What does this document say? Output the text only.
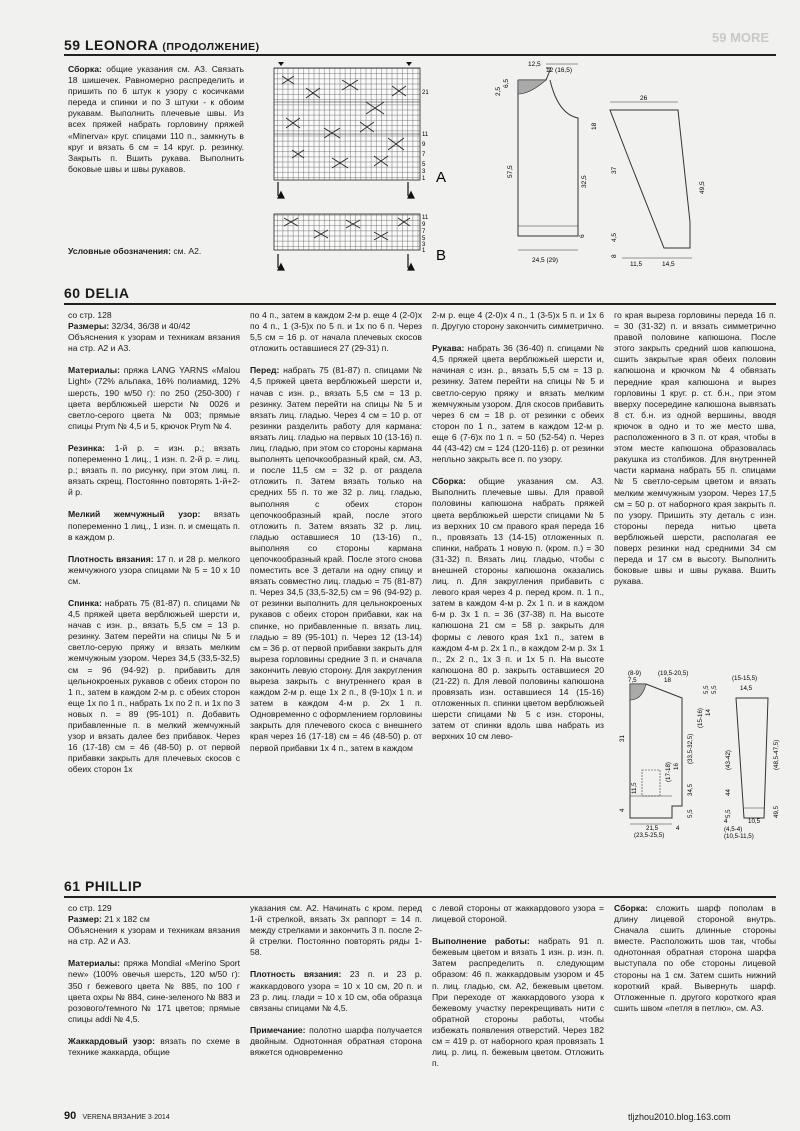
59 MORE
59 LEONORA (ПРОДОЛЖЕНИЕ)

Сборка: общие указания см. А3. Связать 18 шишечек. Равномерно распределить и пришить по 6 штук к узору с косичками переда и спинки и по 3 штуки - к обоим рукавам. Выполнить плечевые швы. Из всех пряжей набрать горловину пряжей «Minerva» круг. спицами 110 п., замкнуть в круг и вязать 6 см = 14 круг. р. резинку. Закрыть п. Вшить рукава. Выполнить боковые швы и швы рукавов.

Условные обозначения: см. А2.
21
11
9
7
5
3
1 A
11
9
7
5
3
1 B
12,5
12 (16,5)
2,5
6,5
57,5
32,5
6
18
24,5 (29)
26
37
49,5
8
4,5
11,5	14,5
60 DELIA

со стр. 128

Размеры: 32/34, 36/38 и 40/42

Объяснения к узорам и техникам вязания на стр. А2 и А3.

Материалы: пряжа LANG YARNS «Malou Light» (72% альпака, 16% полиамид, 12% шерсть, 190 м/50 г): по 250 (250-300) г цвета верблюжьей шерсти № 0026 и светло-серого цвета № 003; прямые спицы Prym № 4,5 и 5, крючок Prym № 4.

Резинка: 1-й р. = изн. р.; вязать попеременно 1 лиц., 1 изн. п. 2-й р. = лиц. р.; вязать п. по рисунку, при этом лиц. п. вязать скрещ. Постоянно повторять 1-й+2-й р.

Мелкий жемчужный узор: вязать попеременно 1 лиц., 1 изн. п. и смещать п. в каждом р.

Плотность вязания: 17 п. и 28 р. мелкого жемчужного узора спицами № 5 = 10 x 10 см.

Спинка: набрать 75 (81-87) п. спицами № 4,5 пряжей цвета верблюжьей шерсти и, начав с изн. р., вязать 5,5 см = 13 р. резинку. Затем перейти на спицы № 5 и светло-серую пряжу и вязать мелким жемчужным узором. Через 34,5 (33,5-32,5) см = 96 (94-92) р. прибавить для цельнокроеных рукавов с обеих сторон по 1 п., затем в каждом 2-м р. с обеих сторон еще 1х по 1 п., набрать 1х по 2 п. и 1х по 3 новых п. = 89 (95-101) п. Добавить прибавленные п. в мелкий жемчужный узор и вязать далее без прибавок. Через 16 (17-18) см = 46 (48-50) р. от первой прибавки закрыть для плечевых скосов с обеих сторон 1х

по 4 п., затем в каждом 2-м р. еще 4 (2-0)х по 4 п., 1 (3-5)х по 5 п. и 1х по 6 п. Через 5,5 см = 16 р. от начала плечевых скосов отложить оставшиеся 27 (29-31) п.

Перед: набрать 75 (81-87) п. спицами № 4,5 пряжей цвета верблюжьей шерсти и, начав с изн. р., вязать 5,5 см = 13 р. резинку. Затем перейти на спицы № 5 и вязать лиц. гладью. Через 4 см = 10 р. от резинки разделить работу для кармана: вязать лиц. гладью на первых 10 (13-16) п. лиц. гладью, при этом со стороны кармана выполнять цепочкообразный край, см. А3, и после 11,5 см = 32 р. от раздела отложить п. Затем вязать только на средних 55 п. то же 32 р. лиц. гладью, выполняя с обеих сторон цепочкообразный край, после этого отложить п. Затем вязать 32 р. лиц. гладью оставшиеся 10 (13-16) п., выполняя со стороны кармана цепочкообразный край. После этого снова поместить все 3 детали на одну спицу и вязать совместно лиц. гладью = 75 (81-87) п. Через 34,5 (33,5-32,5) см = 96 (94-92) р. от резинки выполнить для цельнокроеных рукавов с обеих сторон прибавки, как на спинке, но прибавленные п. вязать лиц. гладью = 89 (95-101) п. Через 12 (13-14) см = 36 р. от первой прибавки закрыть для выреза горловины средние 3 п. и сначала закончить левую сторону. Для закругления выреза закрыть с внутреннего края в каждом 2-м р. еще 1х 2 п., 8 (9-10)х 1 п. и затем в каждом 4-м р. 2х 1 п. Одновременно с оформлением горловины закрыть для плечевого скоса с внешнего края через 16 (17-18) см = 46 (48-50) р. от первой прибавки 1х 4 п., затем в каждом

2-м р. еще 4 (2-0)х 4 п., 1 (3-5)х 5 п. и 1х 6 п. Другую сторону закончить симметрично.

Рукава: набрать 36 (36-40) п. спицами № 4,5 пряжей цвета верблюжьей шерсти и, начиная с изн. р., вязать 5,5 см = 13 р. резинку. Затем перейти на спицы № 5 и светло-серую пряжу и вязать мелким жемчужным узором. Для скосов прибавить через 6 см = 18 р. от резинки с обеих сторон по 1 п., затем в каждом 12-м р. еще 6 (7-6)х по 1 п. = 50 (52-54) п. Через 44 (43-42) см = 124 (120-116) р. от резинки непльно закрыть все п. по узору.

Сборка: общие указания см. А3. Выполнить плечевые швы. Для правой половины капюшона набрать пряжей цвета верблюжьей шерсти спицами № 5 из верхних 10 см правого края переда 16 п., провязать 13 (14-15) отложенных п. спинки, набрать 1 новую п. (кром. п.) = 30 (31-32) п. Вязать лиц. гладью, чтобы с внешней стороны капюшона оказались лиц. п. Для закругления прибавить с левого края через 4 р. перед кром. п. 1 п., затем в каждом 4-м р. 2х 1 п. и в каждом 6-м р. 3х 1 п. = 36 (37-38) п. На высоте капюшона 21 см = 58 р. закрыть для формы с левого края 1х1 п., затем в каждом 4-м р. 2х 1 п., в каждом 2-м р. 3х 1 п., 2х 2 п., 1х 3 п. и 1х 5 п. На высоте капюшона 80 р. закрыть оставшиеся 20 (21-22) п. Для левой половины капюшона провязать изн. оставшиеся 14 (15-16) отложенных п. спинки цветом верблюжьей шерсти спицами № 5 с изн. стороны, затем от спинки вдоль шва набрать из верхних 10 см лево-

го края выреза горловины переда 16 п. = 30 (31-32) п. и вязать симметрично правой половине капюшона. После этого закрыть средний шов капюшона, сшить закрытые края обеих половин капюшона и крючком № 4 обвязать передние края капюшона и вырез горловины 1 круг. р. ст. б.н., при этом вверху посередине капюшона вывязать 8 ст. б.н. из одной вершины, вводя крючок в одно и то же место шва, расположенного в 3 п. от края, чтобы в этом месте капюшона образовалась ракушка из столбиков. Для внутренней части кармана набрать 55 п. спицами № 5 светло-серым цветом и вязать мелким жемчужным узором. Через 17,5 см = 50 р. от наборного края закрыть п. по узору. Пришить эту деталь с изн. стороны переда нитью цвета верблюжьей шерсти, располагая ее поверх резинки над средними 34 см переда и 17 см в высоту. Выполнить боковые швы и швы рукава. Вшить рукава.

(8-9)	(19,5-20,5)
7,5	18
31
34,5
(33,5-32,5)
(15-16) 14
5,5
5,5
11,5
(17-18) 16
4	5,5
21,5	4
(23,5-25,5)
(15-15,5)
14,5
(43-42)
44
49,5
(48,5-47,5)
5,5
4	10,5
(4,5-4)
(10,5-11,5)
61 PHILLIP

со стр. 129

Размер: 21 x 182 см

Объяснения к узорам и техникам вязания на стр. А2 и А3.

Материалы: пряжа Mondial «Merino Sport new» (100% овечья шерсть, 120 м/50 г): 350 г бежевого цвета № 885, по 100 г цвета охры № 884, сине-зеленого № 883 и розового/темного № 171 цветов; прямые спицы addi № 4,5.

Жаккардовый узор: вязать по схеме в технике жаккарда, общие

указания см. А2. Начинать с кром. перед 1-й стрелкой, вязать 3х раппорт = 14 п. между стрелками и закончить 3 п. после 2-й стрелки. Постоянно повторять ряды 1-58.

Плотность вязания: 23 п. и 23 р. жаккардового узора = 10 x 10 см, 20 п. и 23 р. лиц. глади = 10 x 10 см, оба образца связаны спицами № 4,5.

Примечание: полотно шарфа получается двойным. Однотонная обратная сторона вяжется одновременно

с левой стороны от жаккардового узора = лицевой стороной.

Выполнение работы: набрать 91 п. бежевым цветом и вязать 1 изн. р. изн. п. Затем распределить п. следующим образом: 46 п. жаккардовым узором и 45 п. лиц. гладью, см. А2, бежевым цветом. При переходе от жаккардового узора к бежевому участку перекрещивать нити с обратной стороны работы, чтобы избежать появления отверстий. Через 182 см = 419 р. от наборного края провязать 1 лиц. р. лиц. п. бежевым цветом. Отложить п.

Сборка: сложить шарф пополам в длину лицевой стороной внутрь. Сначала сшить длинные стороны вместе. Расположить шов так, чтобы однотонная обратная сторона шарфа выступала по обе стороны лицевой стороны на 1 см. Затем сшить нижний короткий край. Вывернуть шарф. Отложенные п. другого короткого края сшить швом «петля в петлю», см. А3.

90 VERENA ВЯЗАНИЕ 3·2014	tljzhou2010.blog.163.com
